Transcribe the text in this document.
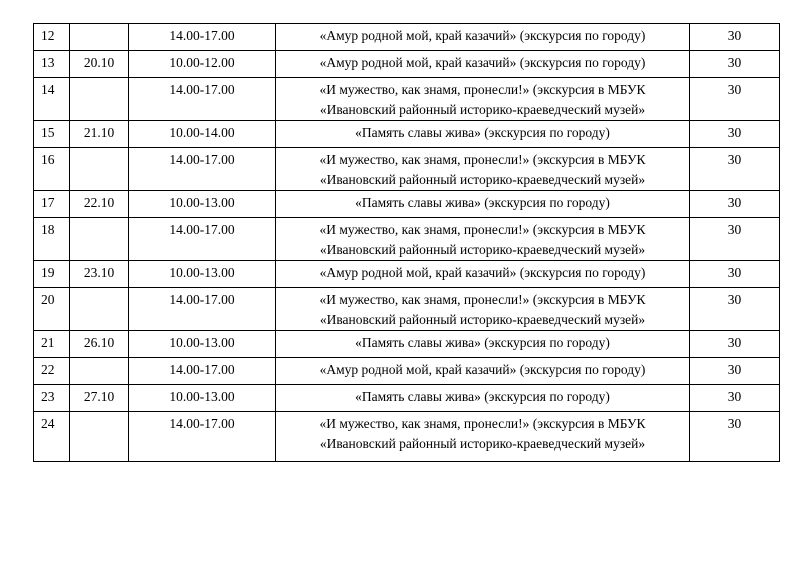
12		14.00-17.00	«Амур родной мой, край казачий» (экскурсия по городу)	30
13	20.10	10.00-12.00	«Амур родной мой, край казачий» (экскурсия по городу)	30
14		14.00-17.00	«И мужество, как знамя, пронесли!» (экскурсия в МБУК
«Ивановский районный историко-краеведческий музей»	30
15	21.10	10.00-14.00	«Память славы жива» (экскурсия по городу)	30
16		14.00-17.00	«И мужество, как знамя, пронесли!» (экскурсия в МБУК
«Ивановский районный историко-краеведческий музей»	30
17	22.10	10.00-13.00	«Память славы жива» (экскурсия по городу)	30
18		14.00-17.00	«И мужество, как знамя, пронесли!» (экскурсия в МБУК
«Ивановский районный историко-краеведческий музей»	30
19	23.10	10.00-13.00	«Амур родной мой, край казачий» (экскурсия по городу)	30
20		14.00-17.00	«И мужество, как знамя, пронесли!» (экскурсия в МБУК
«Ивановский районный историко-краеведческий музей»	30
21	26.10	10.00-13.00	«Память славы жива» (экскурсия по городу)	30
22		14.00-17.00	«Амур родной мой, край казачий» (экскурсия по городу)	30
23	27.10	10.00-13.00	«Память славы жива» (экскурсия по городу)	30
24		14.00-17.00	«И мужество, как знамя, пронесли!» (экскурсия в МБУК
«Ивановский районный историко-краеведческий музей»	30
